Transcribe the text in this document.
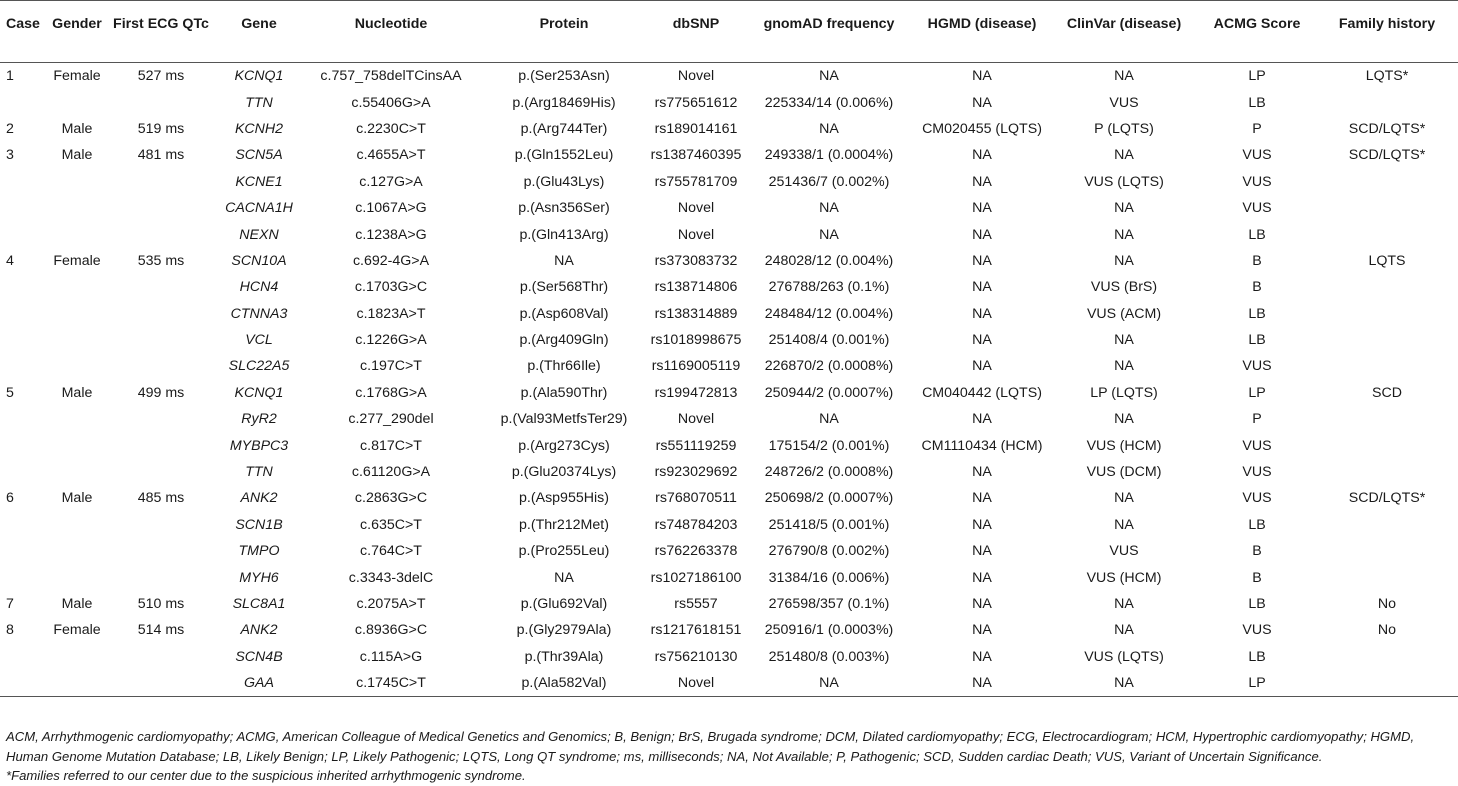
Case	Gender	First ECG QTc	Gene	Nucleotide	Protein	dbSNP	gnomAD frequency	HGMD (disease)	ClinVar (disease)	ACMG Score	Family history
1	Female	527 ms	KCNQ1	c.757_758delTCinsAA	p.(Ser253Asn)	Novel	NA	NA	NA	LP	LQTS*
			TTN	c.55406G>A	p.(Arg18469His)	rs775651612	225334/14 (0.006%)	NA	VUS	LB	
2	Male	519 ms	KCNH2	c.2230C>T	p.(Arg744Ter)	rs189014161	NA	CM020455 (LQTS)	P (LQTS)	P	SCD/LQTS*
3	Male	481 ms	SCN5A	c.4655A>T	p.(Gln1552Leu)	rs1387460395	249338/1 (0.0004%)	NA	NA	VUS	SCD/LQTS*
			KCNE1	c.127G>A	p.(Glu43Lys)	rs755781709	251436/7 (0.002%)	NA	VUS (LQTS)	VUS	
			CACNA1H	c.1067A>G	p.(Asn356Ser)	Novel	NA	NA	NA	VUS	
			NEXN	c.1238A>G	p.(Gln413Arg)	Novel	NA	NA	NA	LB	
4	Female	535 ms	SCN10A	c.692-4G>A	NA	rs373083732	248028/12 (0.004%)	NA	NA	B	LQTS
			HCN4	c.1703G>C	p.(Ser568Thr)	rs138714806	276788/263 (0.1%)	NA	VUS (BrS)	B	
			CTNNA3	c.1823A>T	p.(Asp608Val)	rs138314889	248484/12 (0.004%)	NA	VUS (ACM)	LB	
			VCL	c.1226G>A	p.(Arg409Gln)	rs1018998675	251408/4 (0.001%)	NA	NA	LB	
			SLC22A5	c.197C>T	p.(Thr66Ile)	rs1169005119	226870/2 (0.0008%)	NA	NA	VUS	
5	Male	499 ms	KCNQ1	c.1768G>A	p.(Ala590Thr)	rs199472813	250944/2 (0.0007%)	CM040442 (LQTS)	LP (LQTS)	LP	SCD
			RyR2	c.277_290del	p.(Val93MetfsTer29)	Novel	NA	NA	NA	P	
			MYBPC3	c.817C>T	p.(Arg273Cys)	rs551119259	175154/2 (0.001%)	CM1110434 (HCM)	VUS (HCM)	VUS	
			TTN	c.61120G>A	p.(Glu20374Lys)	rs923029692	248726/2 (0.0008%)	NA	VUS (DCM)	VUS	
6	Male	485 ms	ANK2	c.2863G>C	p.(Asp955His)	rs768070511	250698/2 (0.0007%)	NA	NA	VUS	SCD/LQTS*
			SCN1B	c.635C>T	p.(Thr212Met)	rs748784203	251418/5 (0.001%)	NA	NA	LB	
			TMPO	c.764C>T	p.(Pro255Leu)	rs762263378	276790/8 (0.002%)	NA	VUS	B	
			MYH6	c.3343-3delC	NA	rs1027186100	31384/16 (0.006%)	NA	VUS (HCM)	B	
7	Male	510 ms	SLC8A1	c.2075A>T	p.(Glu692Val)	rs5557	276598/357 (0.1%)	NA	NA	LB	No
8	Female	514 ms	ANK2	c.8936G>C	p.(Gly2979Ala)	rs1217618151	250916/1 (0.0003%)	NA	NA	VUS	No
			SCN4B	c.115A>G	p.(Thr39Ala)	rs756210130	251480/8 (0.003%)	NA	VUS (LQTS)	LB	
			GAA	c.1745C>T	p.(Ala582Val)	Novel	NA	NA	NA	LP	

ACM, Arrhythmogenic cardiomyopathy; ACMG, American Colleague of Medical Genetics and Genomics; B, Benign; BrS, Brugada syndrome; DCM, Dilated cardiomyopathy; ECG, Electrocardiogram; HCM, Hypertrophic cardiomyopathy; HGMD, Human Genome Mutation Database; LB, Likely Benign; LP, Likely Pathogenic; LQTS, Long QT syndrome; ms, milliseconds; NA, Not Available; P, Pathogenic; SCD, Sudden cardiac Death; VUS, Variant of Uncertain Significance.

*Families referred to our center due to the suspicious inherited arrhythmogenic syndrome.
